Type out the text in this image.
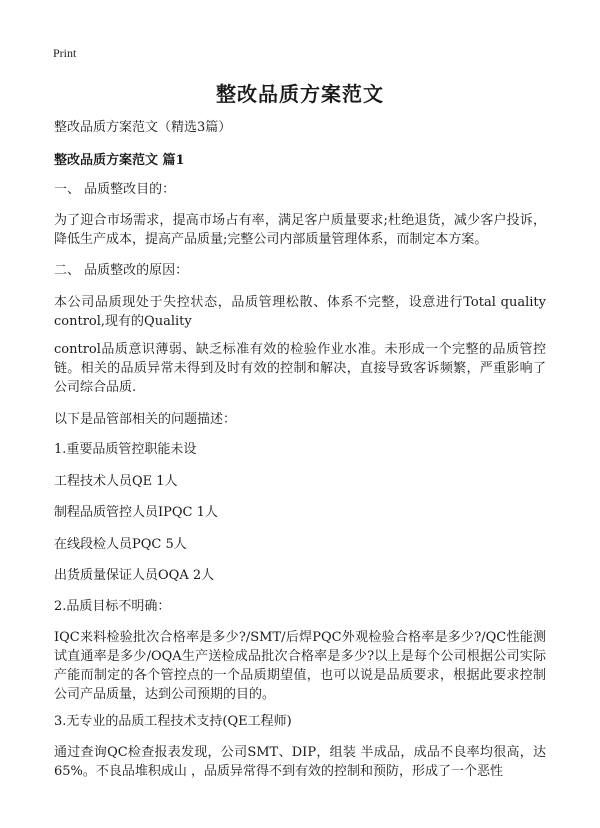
Print
整改品质方案范文
整改品质方案范文（精选3篇）
整改品质方案范文 篇1
一、 品质整改目的：
为了迎合市场需求，提高市场占有率，满足客户质量要求;杜绝退货，减少客户投诉，降低生产成本，提高产品质量;完整公司内部质量管理体系，而制定本方案。
二、 品质整改的原因：
本公司品质现处于失控状态，品质管理松散、体系不完整，设意进行Total quality control,现有的Quality
control品质意识薄弱、缺乏标准有效的检验作业水准。未形成一个完整的品质管控链。相关的品质异常未得到及时有效的控制和解决，直接导致客诉频繁，严重影响了公司综合品质.
以下是品管部相关的问题描述：
1.重要品质管控职能未设
工程技术人员QE 1人
制程品质管控人员IPQC 1人
在线段检人员PQC 5人
出货质量保证人员OQA 2人
2.品质目标不明确：
IQC来料检验批次合格率是多少?/SMT/后焊PQC外观检验合格率是多少?/QC性能测试直通率是多少/OQA生产送检成品批次合格率是多少?以上是每个公司根据公司实际产能而制定的各个管控点的一个品质期望值，也可以说是品质要求，根据此要求控制公司产品质量，达到公司预期的目的。
3.无专业的品质工程技术支持(QE工程师)
通过查询QC检查报表发现，公司SMT、DIP，组装 半成品，成品不良率均很高，达65%。不良品堆积成山 ，品质异常得不到有效的控制和预防，形成了一个恶性
